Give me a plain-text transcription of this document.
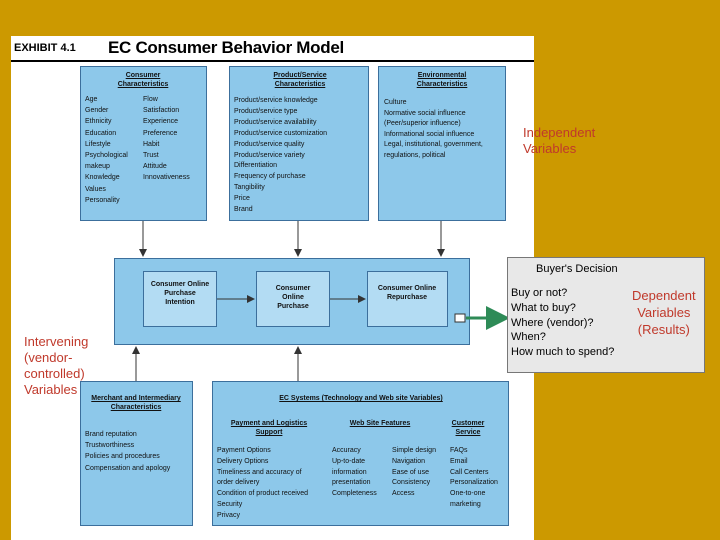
EXHIBIT 4.1 EC Consumer Behavior Model
Consumer Characteristics
Age
Gender
Ethnicity
Education
Lifestyle
Psychological
makeup
Knowledge
Values
Personality
Flow
Satisfaction
Experience
Preference
Habit
Trust
Attitude
Innovativeness
Product/Service Characteristics
Product/service knowledge
Product/service type
Product/service availability
Product/service customization
Product/service quality
Product/service variety
Differentiation
Frequency of purchase
Tangibility
Price
Brand
Environmental Characteristics
Culture
Normative social influence
(Peer/superior influence)
Informational social influence
Legal, institutional, government,
regulations, political
Consumer Online Purchase Intention
Consumer Online Purchase
Consumer Online Repurchase
Merchant and Intermediary Characteristics
Brand reputation
Trustworthiness
Policies and procedures
Compensation and apology
EC Systems (Technology and Web site Variables)
Payment and Logistics Support
Payment Options
Delivery Options
Timeliness and accuracy of
order delivery
Condition of product received
Security
Privacy
Web Site Features
Accuracy
Up-to-date
information
presentation
Completeness
Simple design
Navigation
Ease of use
Consistency
Access
Customer Service
FAQs
Email
Call Centers
Personalization
One-to-one
marketing
Buyer's Decision
Buy or not?
What to buy?
Where (vendor)?
When?
How much to spend?
Independent
Variables
Dependent
Variables
(Results)
Intervening
(vendor-
controlled)
Variables
